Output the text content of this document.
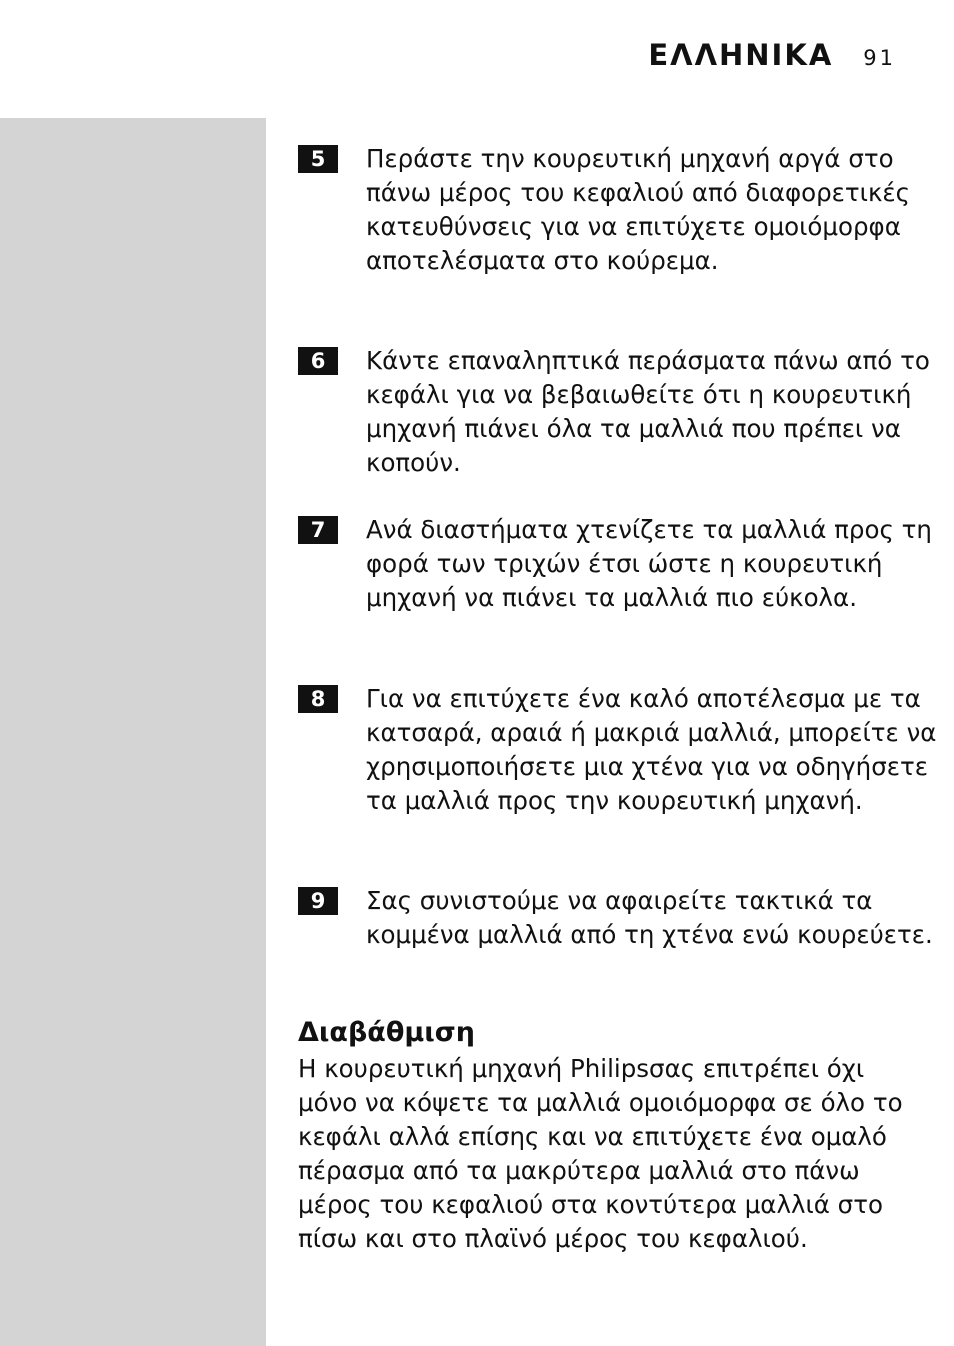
ΕΛΛΗΝΙΚΑ 91
5	Περάστε την κουρευτική μηχανή αργά στο πάνω μέρος του κεφαλιού από διαφορετικές κατευθύνσεις για να επιτύχετε ομοιόμορφα αποτελέσματα στο κούρεμα.
6	Κάντε επαναληπτικά περάσματα πάνω από το κεφάλι για να βεβαιωθείτε ότι η κουρευτική μηχανή πιάνει όλα τα μαλλιά που πρέπει να κοπούν.
7	Ανά διαστήματα χτενίζετε τα μαλλιά προς τη φορά των τριχών έτσι ώστε η κουρευτική μηχανή να πιάνει τα μαλλιά πιο εύκολα.
8	Για να επιτύχετε ένα καλό αποτέλεσμα με τα κατσαρά, αραιά ή μακριά μαλλιά, μπορείτε να χρησιμοποιήσετε μια χτένα για να οδηγήσετε τα μαλλιά προς την κουρευτική μηχανή.
9	Σας συνιστούμε να αφαιρείτε τακτικά τα κομμένα μαλλιά από τη χτένα ενώ κουρεύετε.
Διαβάθμιση
Η κουρευτική μηχανή Philipsσας επιτρέπει όχι μόνο να κόψετε τα μαλλιά ομοιόμορφα σε όλο το κεφάλι αλλά επίσης και να επιτύχετε ένα ομαλό πέρασμα από τα μακρύτερα μαλλιά στο πάνω μέρος του κεφαλιού στα κοντύτερα μαλλιά στο πίσω και στο πλαϊνό μέρος του κεφαλιού.
